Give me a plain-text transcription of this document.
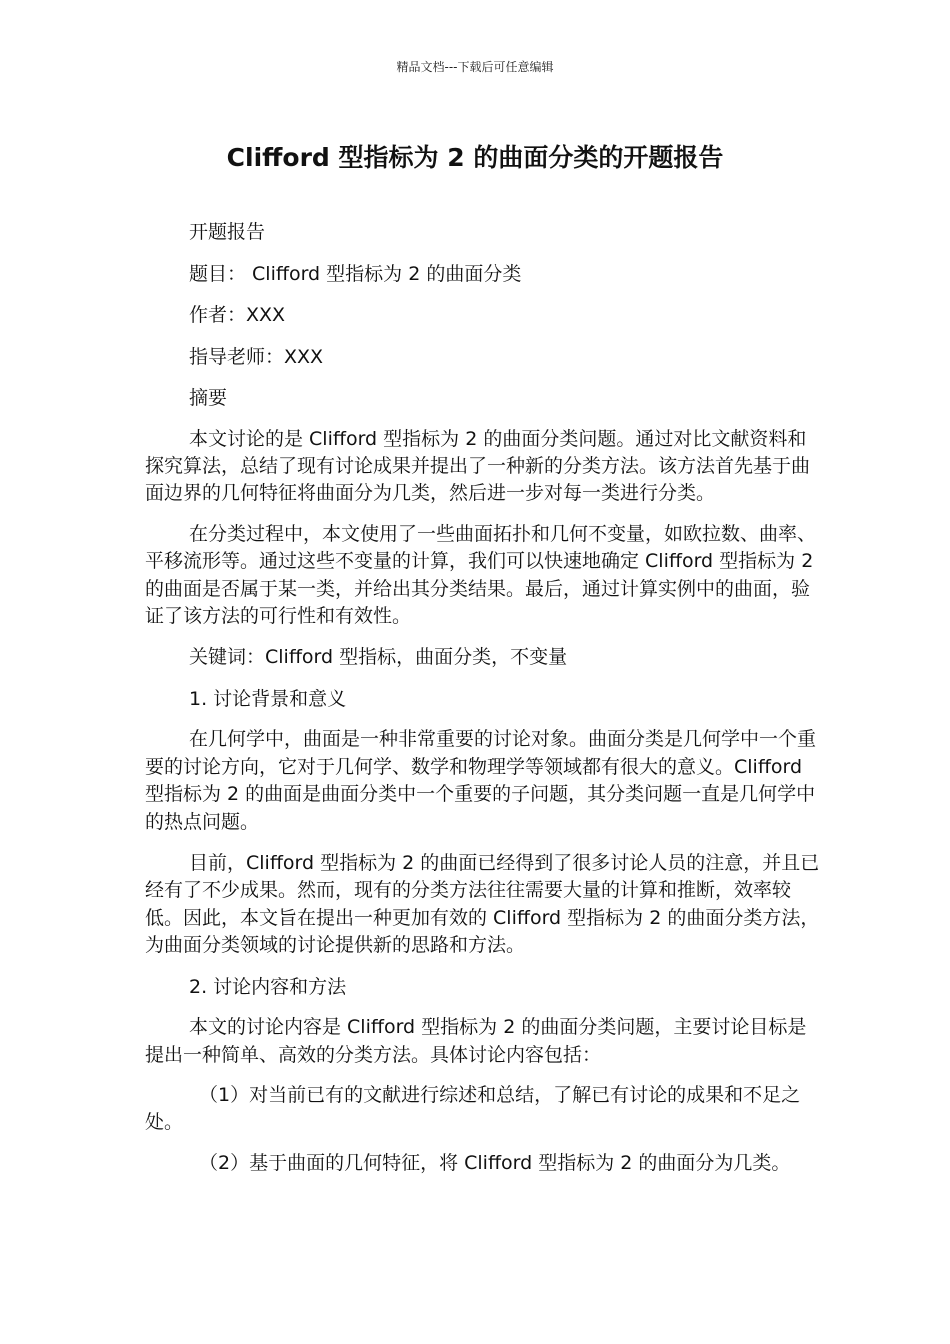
精品文档---下载后可任意编辑
Clifford 型指标为 2 的曲面分类的开题报告
开题报告
题目： Clifford 型指标为 2 的曲面分类
作者：XXX
指导老师：XXX
摘要
本文讨论的是 Clifford 型指标为 2 的曲面分类问题。通过对比文献资料和探究算法，总结了现有讨论成果并提出了一种新的分类方法。该方法首先基于曲面边界的几何特征将曲面分为几类，然后进一步对每一类进行分类。
在分类过程中，本文使用了一些曲面拓扑和几何不变量，如欧拉数、曲率、平移流形等。通过这些不变量的计算，我们可以快速地确定 Clifford 型指标为 2 的曲面是否属于某一类，并给出其分类结果。最后，通过计算实例中的曲面，验证了该方法的可行性和有效性。
关键词：Clifford 型指标，曲面分类，不变量
1. 讨论背景和意义
在几何学中，曲面是一种非常重要的讨论对象。曲面分类是几何学中一个重要的讨论方向，它对于几何学、数学和物理学等领域都有很大的意义。Clifford 型指标为 2 的曲面是曲面分类中一个重要的子问题，其分类问题一直是几何学中的热点问题。
目前，Clifford 型指标为 2 的曲面已经得到了很多讨论人员的注意，并且已经有了不少成果。然而，现有的分类方法往往需要大量的计算和推断，效率较低。因此，本文旨在提出一种更加有效的 Clifford 型指标为 2 的曲面分类方法，为曲面分类领域的讨论提供新的思路和方法。
2. 讨论内容和方法
本文的讨论内容是 Clifford 型指标为 2 的曲面分类问题，主要讨论目标是提出一种简单、高效的分类方法。具体讨论内容包括：
（1）对当前已有的文献进行综述和总结，了解已有讨论的成果和不足之处。
（2）基于曲面的几何特征，将 Clifford 型指标为 2 的曲面分为几类。
